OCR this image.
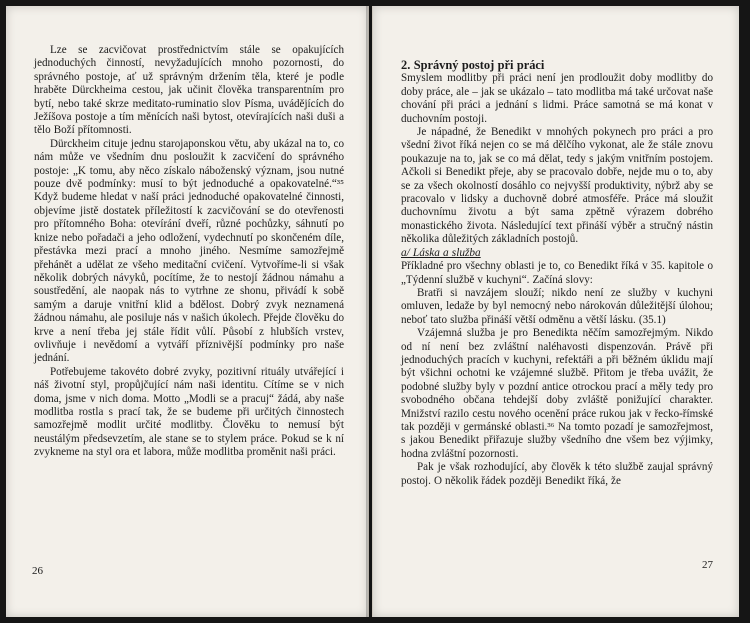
Lze se zacvičovat prostřednictvím stále se opakujících jednoduchých činností, nevyžadujících mnoho pozornosti, do správného postoje, ať už správným držením těla, které je podle hraběte Dürckheima cestou, jak učinit člověka transparentním pro bytí, nebo také skrze meditato-ruminatio slov Písma, uvádějících do Ježíšova postoje a tím měnících naši bytost, otevírajících naši duši a tělo Boží přítomnosti.

Dürckheim cituje jednu starojaponskou větu, aby ukázal na to, co nám může ve všedním dnu posloužit k zacvičení do správného postoje: „K tomu, aby něco získalo náboženský význam, jsou nutné pouze dvě podmínky: musí to být jednoduché a opakovatelné.“³⁵ Když budeme hledat v naší práci jednoduché opakovatelné činnosti, objevíme jistě dostatek příležitostí k zacvičování se do otevřenosti pro přítomného Boha: otevírání dveří, různé pochůzky, sáhnutí po knize nebo pořadači a jeho odložení, vydechnutí po skončeném díle, přestávka mezi prací a mnoho jiného. Nesmíme samozřejmě přehánět a udělat ze všeho meditační cvičení. Vytvoříme-li si však několik dobrých návyků, pocítíme, že to nestojí žádnou námahu a soustředění, ale naopak nás to vytrhne ze shonu, přivádí k sobě samým a daruje vnitřní klid a bdělost. Dobrý zvyk neznamená žádnou námahu, ale posiluje nás v našich úkolech. Přejde člověku do krve a není třeba jej stále řídit vůlí. Působí z hlubších vrstev, ovlivňuje i nevědomí a vytváří příznivější podmínky pro naše jednání.

Potřebujeme takovéto dobré zvyky, pozitivní rituály utvářející i náš životní styl, propůjčující nám naši identitu. Cítíme se v nich doma, jsme v nich doma. Motto „Modli se a pracuj“ žádá, aby naše modlitba rostla s prací tak, že se budeme při určitých činnostech samozřejmě modlit určité modlitby. Člověku to nemusí být neustálým předsevzetím, ale stane se to stylem práce. Pokud se k ní zvykneme na styl ora et labora, může modlitba proměnit naši práci.

26

2. Správný postoj při práci

Smyslem modlitby při práci není jen prodloužit doby modlitby do doby práce, ale – jak se ukázalo – tato modlitba má také určovat naše chování při práci a jednání s lidmi. Práce samotná se má konat v duchovním postoji.

Je nápadné, že Benedikt v mnohých pokynech pro práci a pro všední život říká nejen co se má dělčího vykonat, ale že stále znovu poukazuje na to, jak se co má dělat, tedy s jakým vnitřním postojem. Ačkoli si Benedikt přeje, aby se pracovalo dobře, nejde mu o to, aby se za všech okolností dosáhlo co nejvyšší produktivity, nýbrž aby se pracovalo v lidsky a duchovně dobré atmosféře. Práce má sloužit duchovnímu životu a být sama zpětně výrazem dobrého monastického života. Následující text přináší výběr a stručný nástin několika důležitých základních postojů.

a/ Láska a služba

Příkladné pro všechny oblasti je to, co Benedikt říká v 35. kapitole o „Týdenní službě v kuchyni“. Začíná slovy:

Bratři si navzájem slouží; nikdo není ze služby v kuchyni omluven, ledaže by byl nemocný nebo nárokován důležitější úlohou; neboť tato služba přináší větší odměnu a větší lásku. (35.1)

Vzájemná služba je pro Benedikta něčím samozřejmým. Nikdo od ní není bez zvláštní naléhavosti dispenzován. Právě při jednoduchých pracích v kuchyni, refektáři a při běžném úklidu mají být všichni ochotni ke vzájemné službě. Přitom je třeba uvážit, že podobné služby byly v pozdní antice otrockou prací a měly tedy pro svobodného občana tehdejší doby zvláště ponižující charakter. Mnižství razilo cestu nového ocenění práce rukou jak v řecko-římské tak později v germánské oblasti.³⁶ Na tomto pozadí je samozřejmost, s jakou Benedikt přiřazuje služby všedního dne všem bez výjimky, hodna zvláštní pozornosti.

Pak je však rozhodující, aby člověk k této službě zaujal správný postoj. O několik řádek později Benedikt říká, že

27
